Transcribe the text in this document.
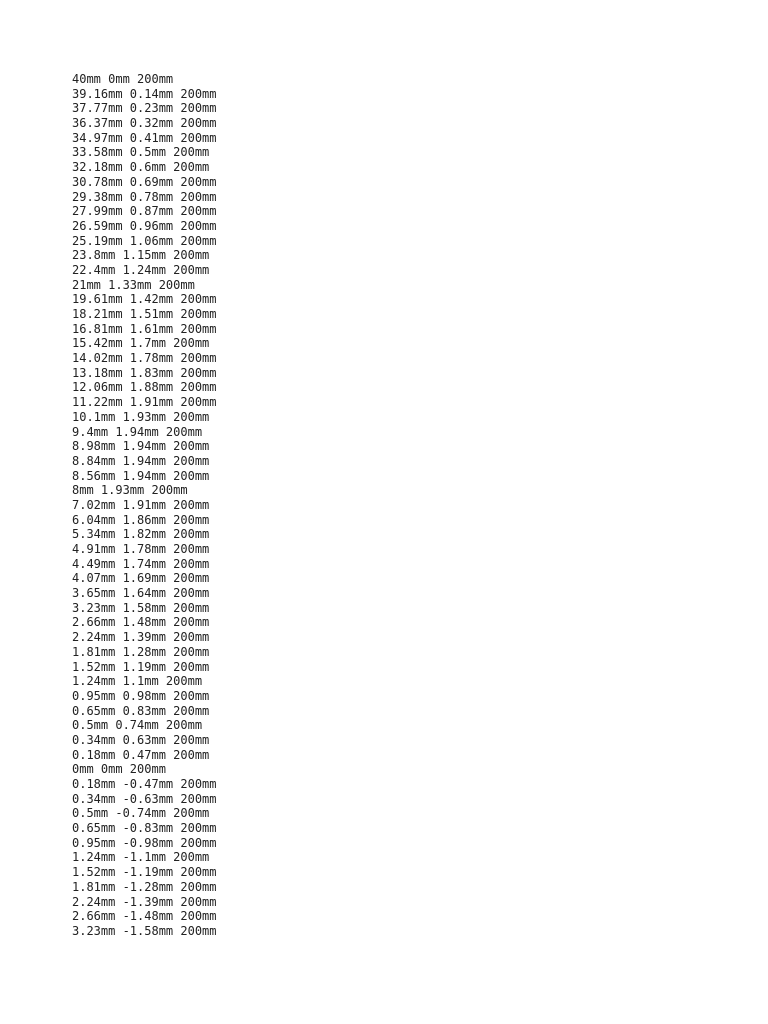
40mm 0mm 200mm
39.16mm 0.14mm 200mm
37.77mm 0.23mm 200mm
36.37mm 0.32mm 200mm
34.97mm 0.41mm 200mm
33.58mm 0.5mm 200mm
32.18mm 0.6mm 200mm
30.78mm 0.69mm 200mm
29.38mm 0.78mm 200mm
27.99mm 0.87mm 200mm
26.59mm 0.96mm 200mm
25.19mm 1.06mm 200mm
23.8mm 1.15mm 200mm
22.4mm 1.24mm 200mm
21mm 1.33mm 200mm
19.61mm 1.42mm 200mm
18.21mm 1.51mm 200mm
16.81mm 1.61mm 200mm
15.42mm 1.7mm 200mm
14.02mm 1.78mm 200mm
13.18mm 1.83mm 200mm
12.06mm 1.88mm 200mm
11.22mm 1.91mm 200mm
10.1mm 1.93mm 200mm
9.4mm 1.94mm 200mm
8.98mm 1.94mm 200mm
8.84mm 1.94mm 200mm
8.56mm 1.94mm 200mm
8mm 1.93mm 200mm
7.02mm 1.91mm 200mm
6.04mm 1.86mm 200mm
5.34mm 1.82mm 200mm
4.91mm 1.78mm 200mm
4.49mm 1.74mm 200mm
4.07mm 1.69mm 200mm
3.65mm 1.64mm 200mm
3.23mm 1.58mm 200mm
2.66mm 1.48mm 200mm
2.24mm 1.39mm 200mm
1.81mm 1.28mm 200mm
1.52mm 1.19mm 200mm
1.24mm 1.1mm 200mm
0.95mm 0.98mm 200mm
0.65mm 0.83mm 200mm
0.5mm 0.74mm 200mm
0.34mm 0.63mm 200mm
0.18mm 0.47mm 200mm
0mm 0mm 200mm
0.18mm -0.47mm 200mm
0.34mm -0.63mm 200mm
0.5mm -0.74mm 200mm
0.65mm -0.83mm 200mm
0.95mm -0.98mm 200mm
1.24mm -1.1mm 200mm
1.52mm -1.19mm 200mm
1.81mm -1.28mm 200mm
2.24mm -1.39mm 200mm
2.66mm -1.48mm 200mm
3.23mm -1.58mm 200mm
